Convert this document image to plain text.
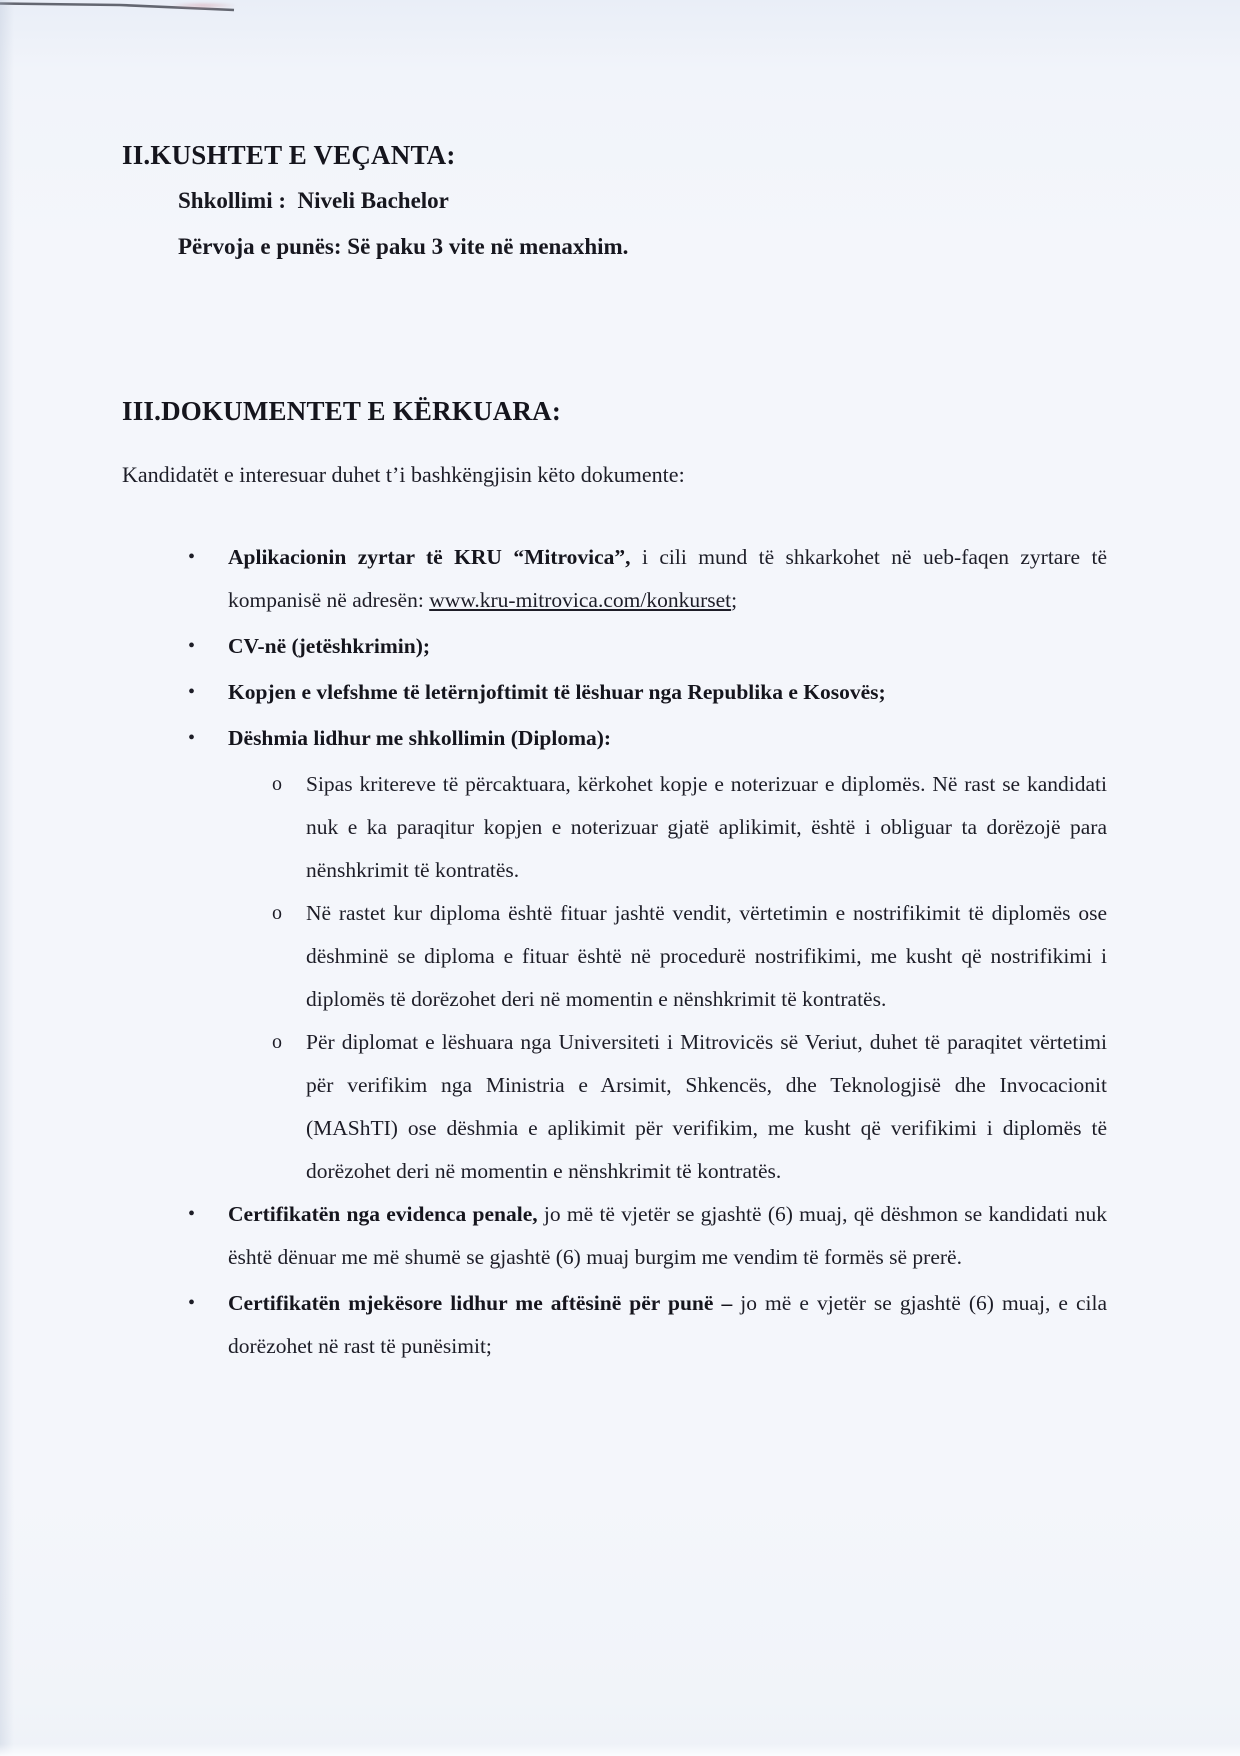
II.KUSHTET E VEÇANTA:
Shkollimi :  Niveli Bachelor
Përvoja e punës: Së paku 3 vite në menaxhim.
III.DOKUMENTET E KËRKUARA:
Kandidatët e interesuar duhet t’i bashkëngjisin këto dokumente:
• Aplikacionin zyrtar të KRU “Mitrovica”, i cili mund të shkarkohet në ueb-faqen zyrtare të kompanisë në adresën: www.kru-mitrovica.com/konkurset;
• CV-në (jetëshkrimin);
• Kopjen e vlefshme të letërnjoftimit të lëshuar nga Republika e Kosovës;
• Dëshmia lidhur me shkollimin (Diploma):
o Sipas kritereve të përcaktuara, kërkohet kopje e noterizuar e diplomës. Në rast se kandidati nuk e ka paraqitur kopjen e noterizuar gjatë aplikimit, është i obliguar ta dorëzojë para nënshkrimit të kontratës.
o Në rastet kur diploma është fituar jashtë vendit, vërtetimin e nostrifikimit të diplomës ose dëshminë se diploma e fituar është në procedurë nostrifikimi, me kusht që nostrifikimi i diplomës të dorëzohet deri në momentin e nënshkrimit të kontratës.
o Për diplomat e lëshuara nga Universiteti i Mitrovicës së Veriut, duhet të paraqitet vërtetimi për verifikim nga Ministria e Arsimit, Shkencës, dhe Teknologjisë dhe Invocacionit (MAShTI) ose dëshmia e aplikimit për verifikim, me kusht që verifikimi i diplomës të dorëzohet deri në momentin e nënshkrimit të kontratës.
• Certifikatën nga evidenca penale, jo më të vjetër se gjashtë (6) muaj, që dëshmon se kandidati nuk është dënuar me më shumë se gjashtë (6) muaj burgim me vendim të formës së prerë.
• Certifikatën mjekësore lidhur me aftësinë për punë – jo më e vjetër se gjashtë (6) muaj, e cila dorëzohet në rast të punësimit;
